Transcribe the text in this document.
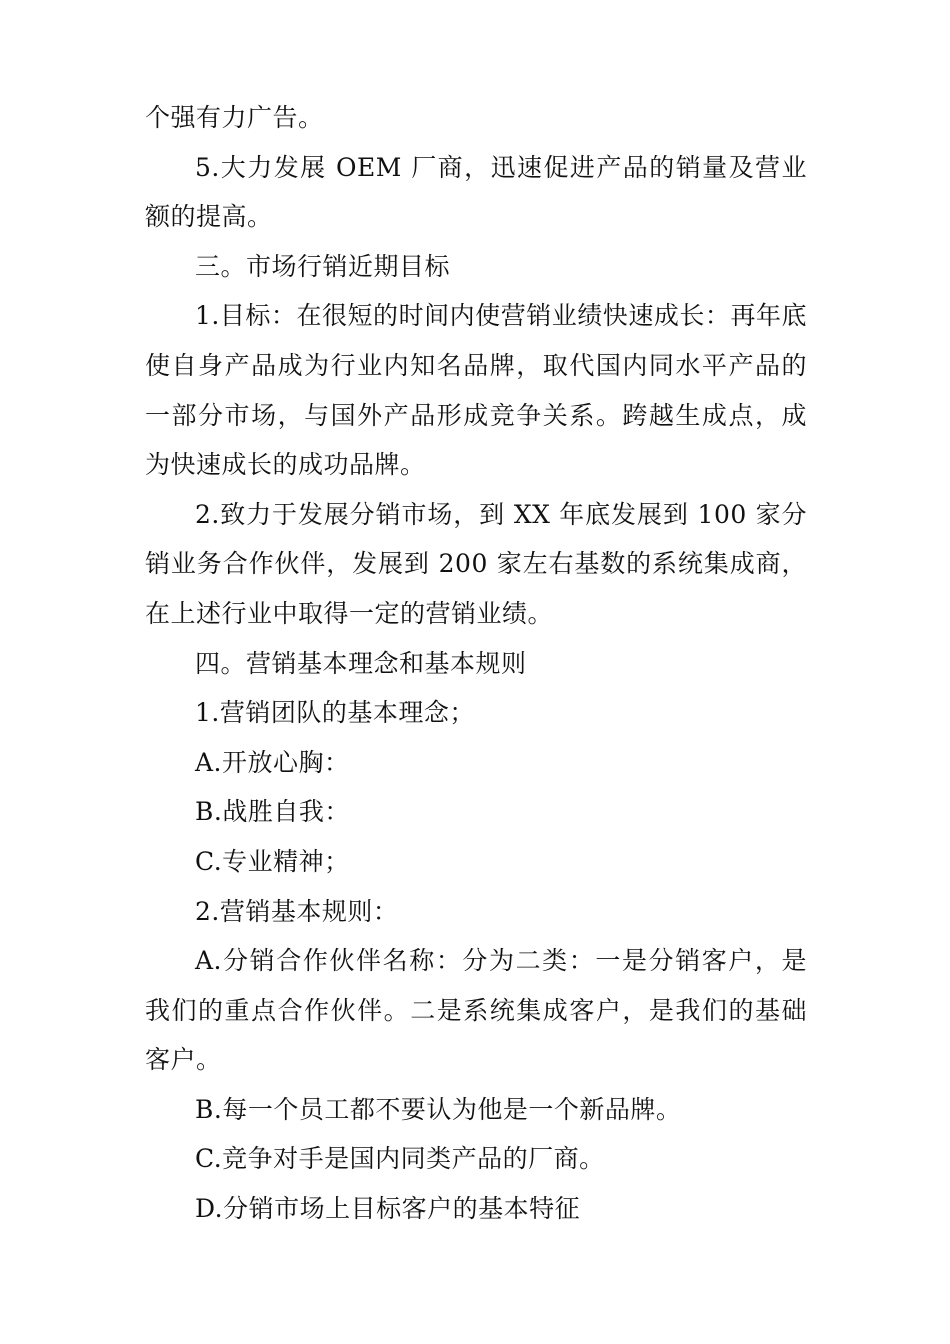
个强有力广告。

5.大力发展 OEM 厂商，迅速促进产品的销量及营业额的提高。

三。市场行销近期目标

1.目标：在很短的时间内使营销业绩快速成长：再年底使自身产品成为行业内知名品牌，取代国内同水平产品的一部分市场，与国外产品形成竞争关系。跨越生成点，成为快速成长的成功品牌。

2.致力于发展分销市场，到 XX 年底发展到 100 家分销业务合作伙伴，发展到 200 家左右基数的系统集成商，在上述行业中取得一定的营销业绩。

四。营销基本理念和基本规则

1.营销团队的基本理念；

A.开放心胸：

B.战胜自我：

C.专业精神；

2.营销基本规则：

A.分销合作伙伴名称：分为二类：一是分销客户，是我们的重点合作伙伴。二是系统集成客户，是我们的基础客户。

B.每一个员工都不要认为他是一个新品牌。

C.竞争对手是国内同类产品的厂商。

D.分销市场上目标客户的基本特征
